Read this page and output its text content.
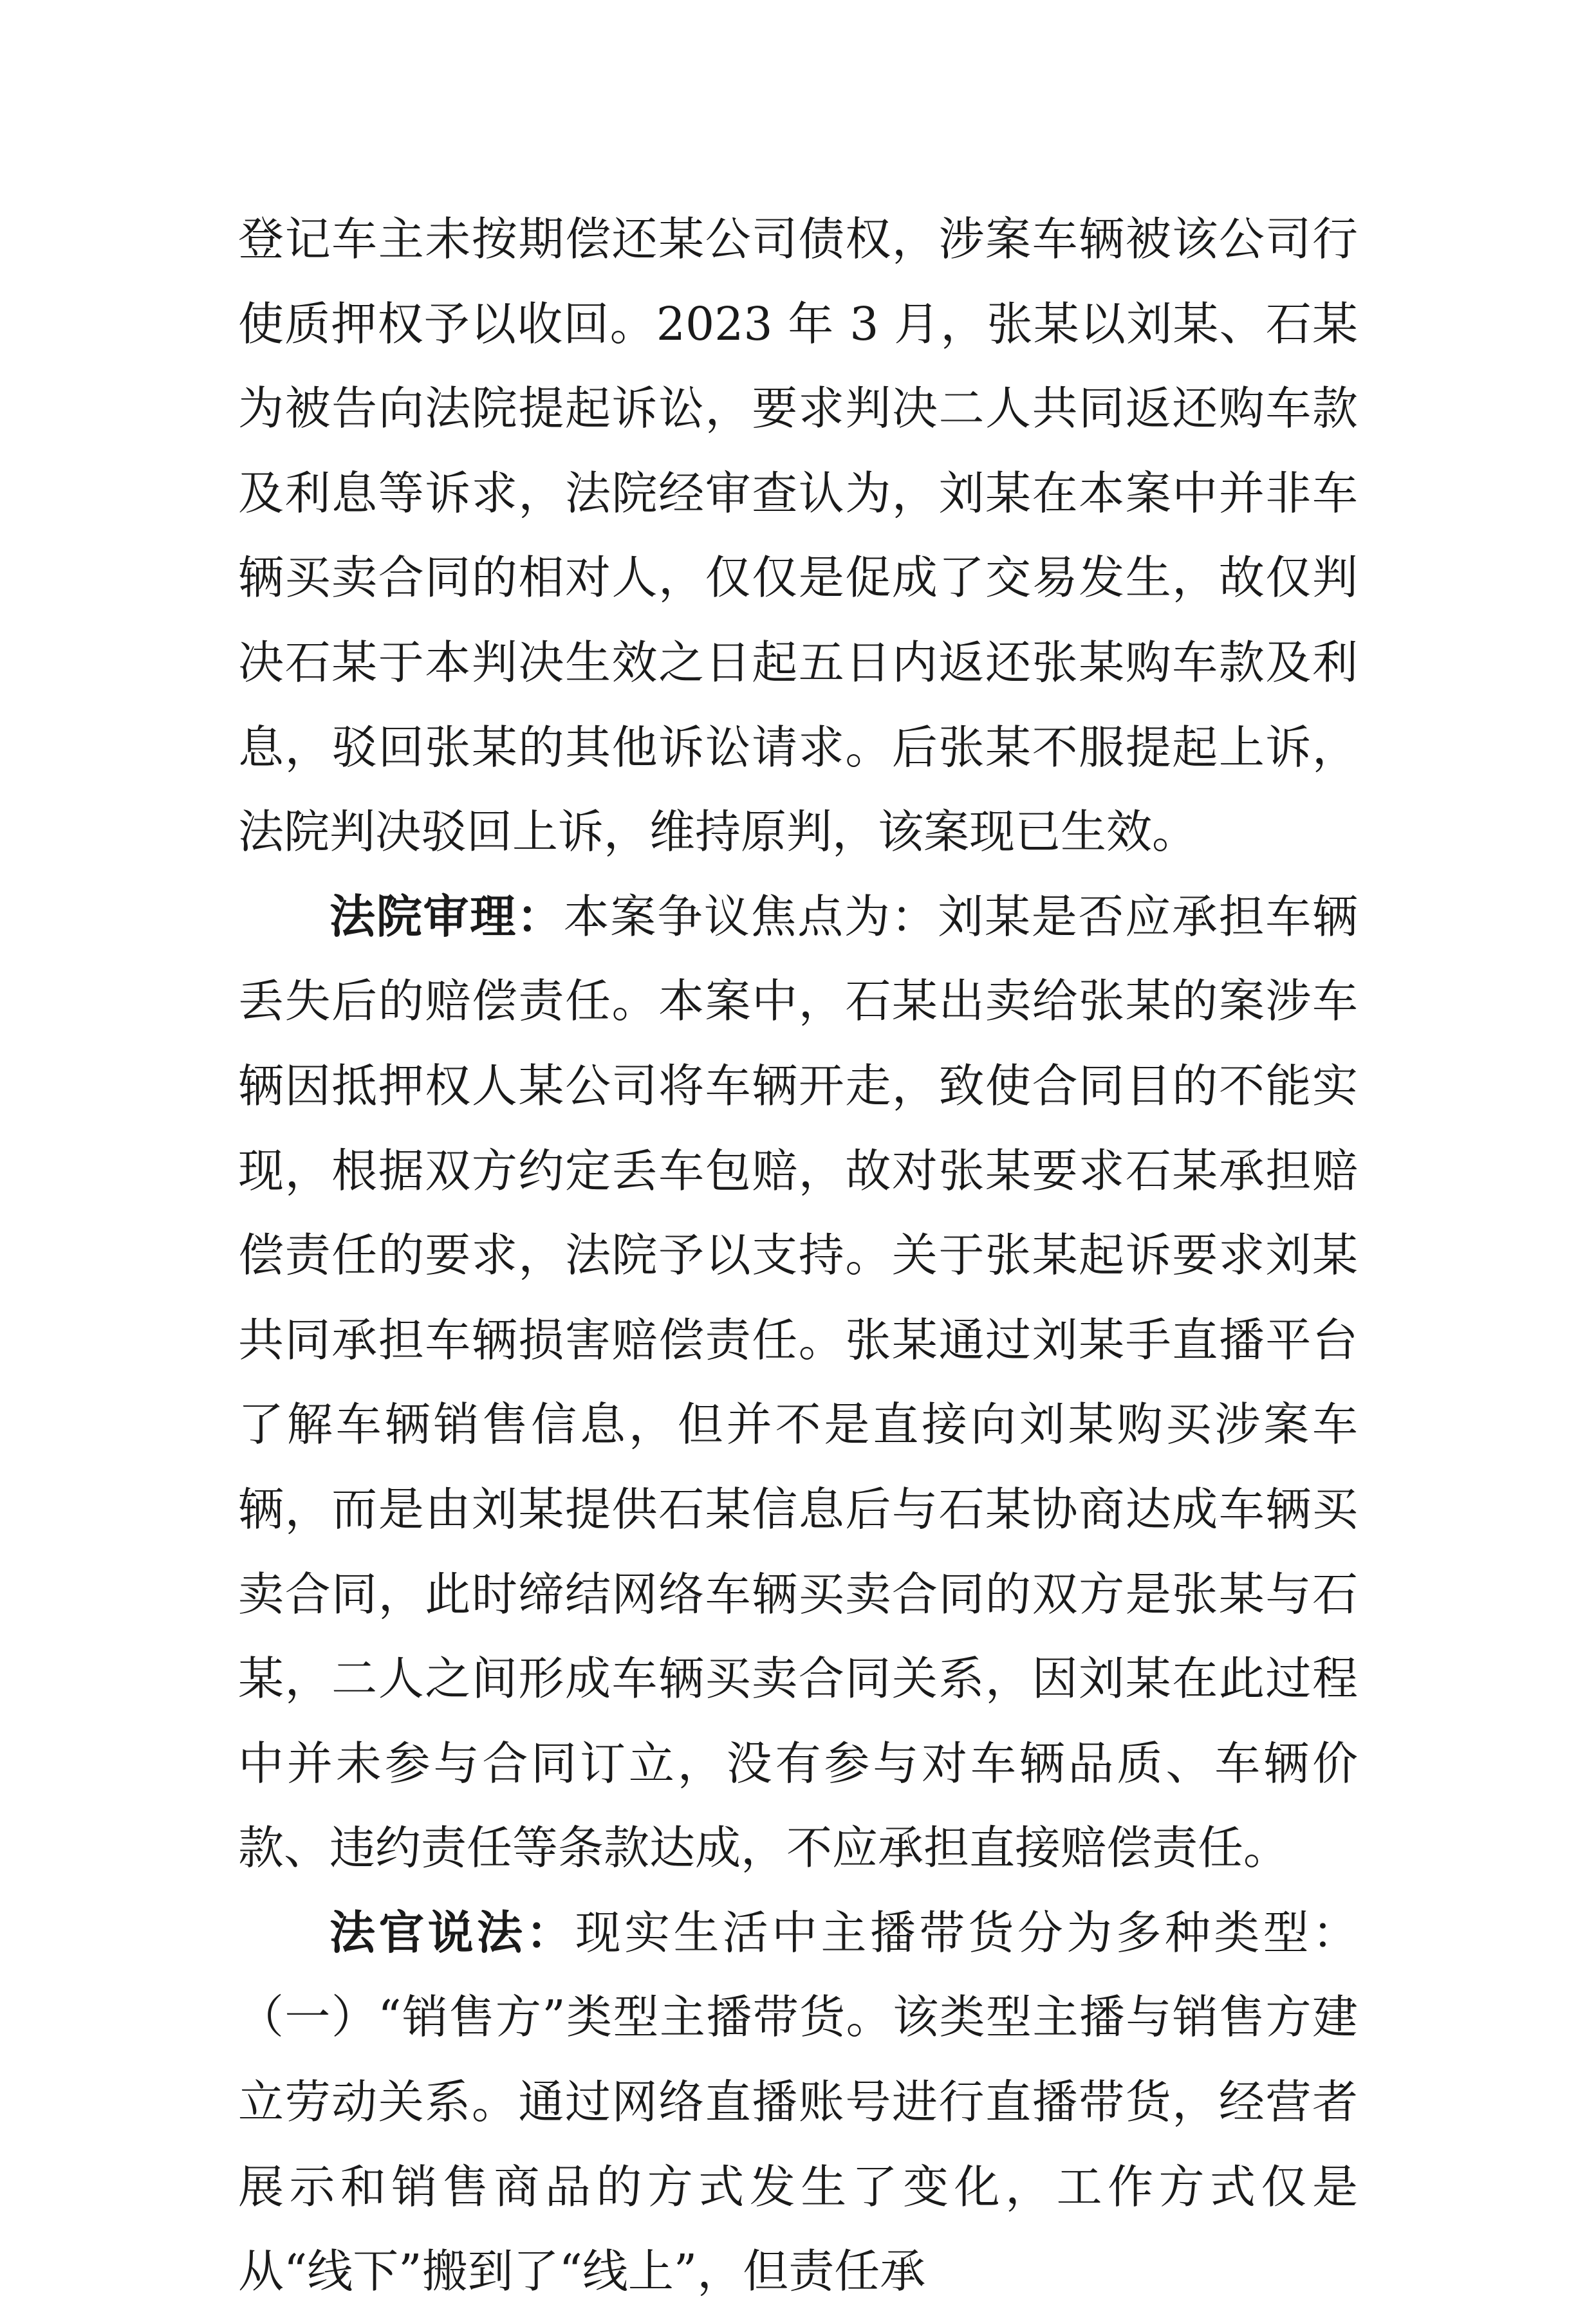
登记车主未按期偿还某公司债权，涉案车辆被该公司行使质押权予以收回。2023 年 3 月，张某以刘某、石某为被告向法院提起诉讼，要求判决二人共同返还购车款及利息等诉求，法院经审查认为，刘某在本案中并非车辆买卖合同的相对人，仅仅是促成了交易发生，故仅判决石某于本判决生效之日起五日内返还张某购车款及利息，驳回张某的其他诉讼请求。后张某不服提起上诉，法院判决驳回上诉，维持原判，该案现已生效。

法院审理：本案争议焦点为：刘某是否应承担车辆丢失后的赔偿责任。本案中，石某出卖给张某的案涉车辆因抵押权人某公司将车辆开走，致使合同目的不能实现，根据双方约定丢车包赔，故对张某要求石某承担赔偿责任的要求，法院予以支持。关于张某起诉要求刘某共同承担车辆损害赔偿责任。张某通过刘某手直播平台了解车辆销售信息，但并不是直接向刘某购买涉案车辆，而是由刘某提供石某信息后与石某协商达成车辆买卖合同，此时缔结网络车辆买卖合同的双方是张某与石某，二人之间形成车辆买卖合同关系，因刘某在此过程中并未参与合同订立，没有参与对车辆品质、车辆价款、违约责任等条款达成，不应承担直接赔偿责任。

法官说法：现实生活中主播带货分为多种类型：（一）“销售方”类型主播带货。该类型主播与销售方建立劳动关系。通过网络直播账号进行直播带货，经营者展示和销售商品的方式发生了变化，工作方式仅是从“线下”搬到了“线上”，但责任承
